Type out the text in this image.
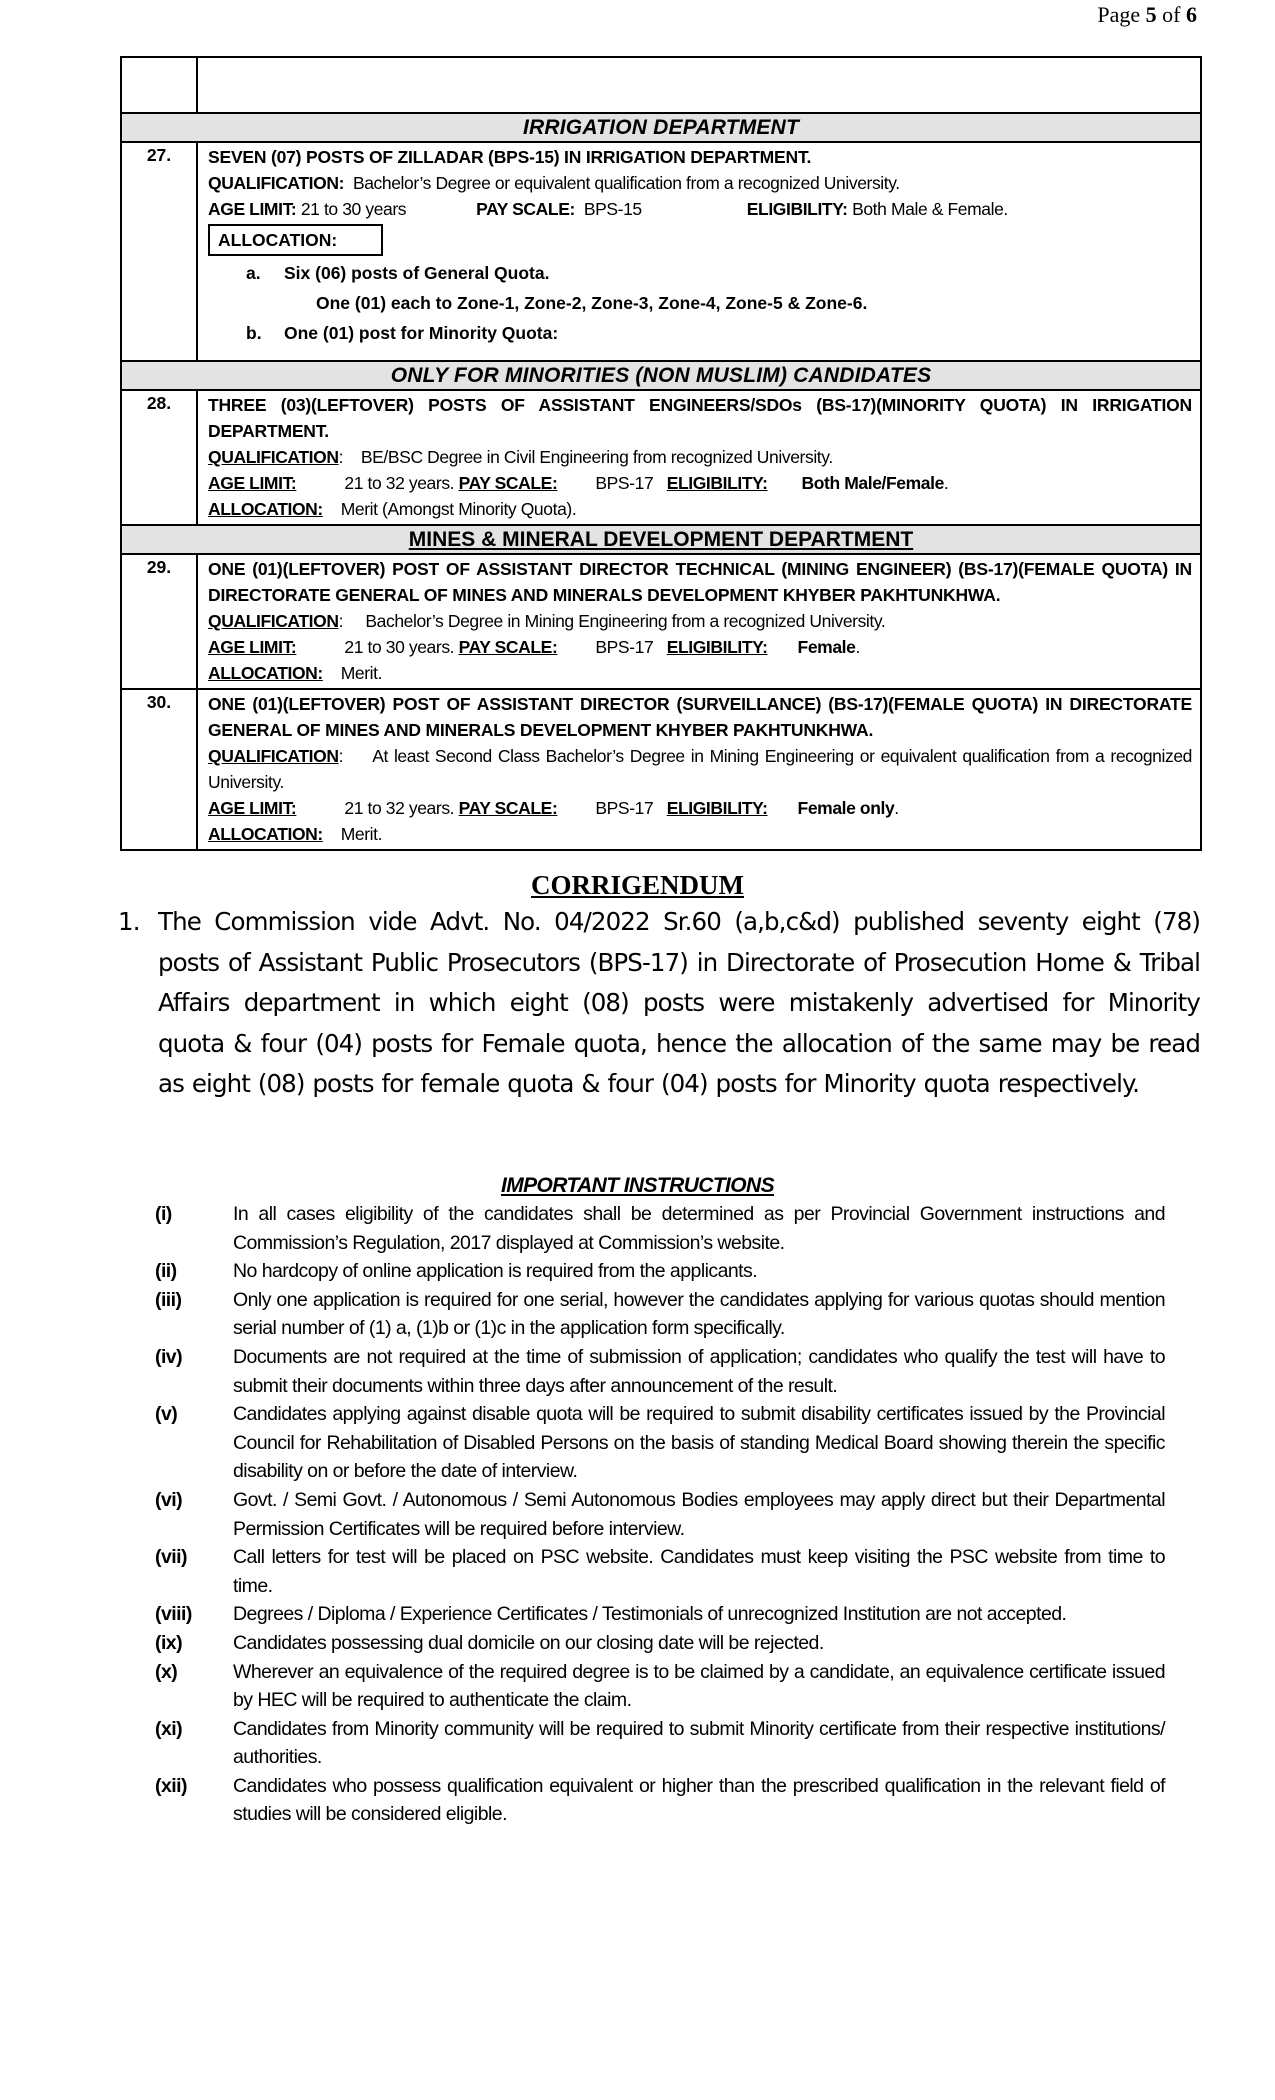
Page 5 of 6

IRRIGATION DEPARTMENT	
27.	SEVEN (07) POSTS OF ZILLADAR (BPS-15) IN IRRIGATION DEPARTMENT.
QUALIFICATION: Bachelor’s Degree or equivalent qualification from a recognized University.
AGE LIMIT: 21 to 30 years	PAY SCALE: BPS-15	ELIGIBILITY: Both Male & Female.
ALLOCATION:
a. Six (06) posts of General Quota.
One (01) each to Zone-1, Zone-2, Zone-3, Zone-4, Zone-5 & Zone-6.
b. One (01) post for Minority Quota:

ONLY FOR MINORITIES (NON MUSLIM) CANDIDATES	
28.	THREE (03)(LEFTOVER) POSTS OF ASSISTANT ENGINEERS/SDOs (BS-17)(MINORITY QUOTA) IN IRRIGATION DEPARTMENT.
QUALIFICATION:    BE/BSC Degree in Civil Engineering from recognized University.
AGE LIMIT: 21 to 32 years. PAY SCALE: BPS-17 ELIGIBILITY: Both Male/Female.
ALLOCATION: Merit (Amongst Minority Quota).

MINES & MINERAL DEVELOPMENT DEPARTMENT	
29.	ONE (01)(LEFTOVER) POST OF ASSISTANT DIRECTOR TECHNICAL (MINING ENGINEER) (BS-17)(FEMALE QUOTA) IN DIRECTORATE GENERAL OF MINES AND MINERALS DEVELOPMENT KHYBER PAKHTUNKHWA.
QUALIFICATION:     Bachelor’s Degree in Mining Engineering from a recognized University.
AGE LIMIT: 21 to 30 years. PAY SCALE: BPS-17 ELIGIBILITY: Female.
ALLOCATION: Merit.

30.	ONE (01)(LEFTOVER) POST OF ASSISTANT DIRECTOR (SURVEILLANCE) (BS-17)(FEMALE QUOTA) IN DIRECTORATE GENERAL OF MINES AND MINERALS DEVELOPMENT KHYBER PAKHTUNKHWA.
QUALIFICATION:     At least Second Class Bachelor’s Degree in Mining Engineering or equivalent qualification from a recognized University.
AGE LIMIT: 21 to 32 years. PAY SCALE: BPS-17 ELIGIBILITY: Female only.
ALLOCATION: Merit.
CORRIGENDUM
1. The Commission vide Advt. No. 04/2022 Sr.60 (a,b,c&d) published seventy eight (78) posts of Assistant Public Prosecutors (BPS-17) in Directorate of Prosecution Home & Tribal Affairs department in which eight (08) posts were mistakenly advertised for Minority quota & four (04) posts for Female quota, hence the allocation of the same may be read as eight (08) posts for female quota & four (04) posts for Minority quota respectively.
IMPORTANT INSTRUCTIONS
(i)	In all cases eligibility of the candidates shall be determined as per Provincial Government instructions and Commission’s Regulation, 2017 displayed at Commission’s website.
(ii)	No hardcopy of online application is required from the applicants.
(iii)	Only one application is required for one serial, however the candidates applying for various quotas should mention serial number of (1) a, (1)b or (1)c in the application form specifically.
(iv)	Documents are not required at the time of submission of application; candidates who qualify the test will have to submit their documents within three days after announcement of the result.
(v)	Candidates applying against disable quota will be required to submit disability certificates issued by the Provincial Council for Rehabilitation of Disabled Persons on the basis of standing Medical Board showing therein the specific disability on or before the date of interview.
(vi)	Govt. / Semi Govt. / Autonomous / Semi Autonomous Bodies employees may apply direct but their Departmental Permission Certificates will be required before interview.
(vii)	Call letters for test will be placed on PSC website. Candidates must keep visiting the PSC website from time to time.
(viii)	Degrees / Diploma / Experience Certificates / Testimonials of unrecognized Institution are not accepted.
(ix)	Candidates possessing dual domicile on our closing date will be rejected.
(x)	Wherever an equivalence of the required degree is to be claimed by a candidate, an equivalence certificate issued by HEC will be required to authenticate the claim.
(xi)	Candidates from Minority community will be required to submit Minority certificate from their respective institutions/ authorities.
(xii)	Candidates who possess qualification equivalent or higher than the prescribed qualification in the relevant field of studies will be considered eligible.
